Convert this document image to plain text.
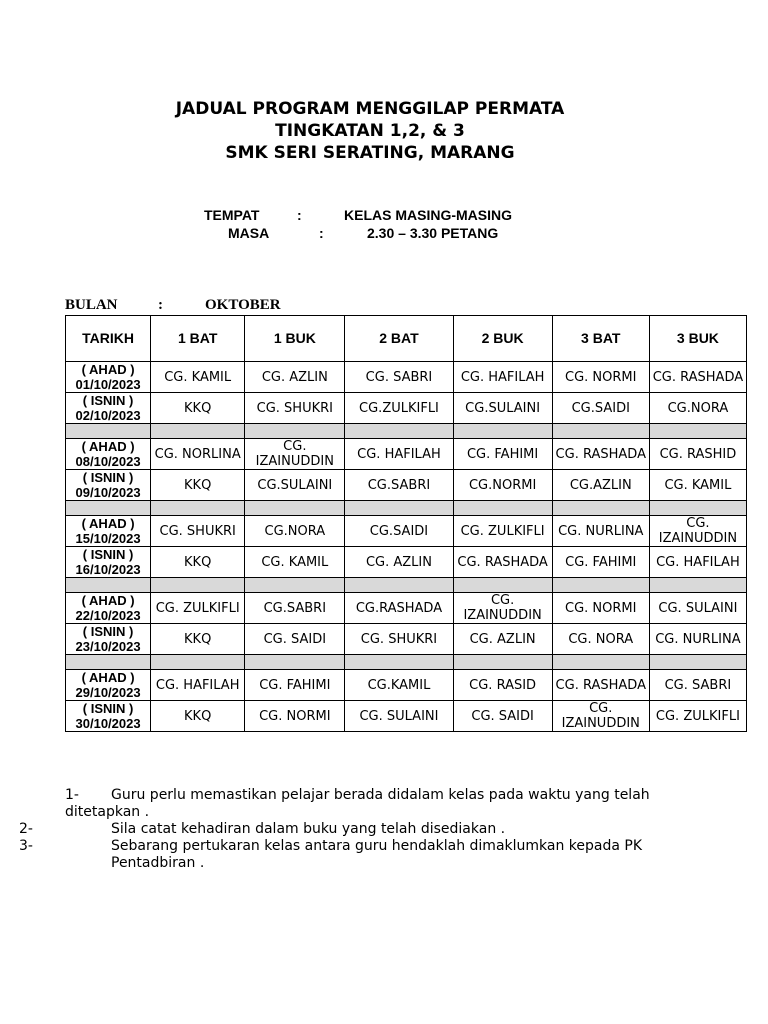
JADUAL PROGRAM MENGGILAP PERMATA
TINGKATAN 1,2, & 3
SMK SERI SERATING, MARANG
TEMPAT	:	KELAS MASING-MASING
MASA	:	2.30 – 3.30 PETANG
BULAN	:	OKTOBER
TARIKH	1 BAT	1 BUK	2 BAT	2 BUK	3 BAT	3 BUK

( AHAD )
01/10/2023	CG. KAMIL	CG. AZLIN	CG. SABRI	CG. HAFILAH	CG. NORMI	CG. RASHADA

( ISNIN )
02/10/2023	KKQ	CG. SHUKRI	CG.ZULKIFLI	CG.SULAINI	CG.SAIDI	CG.NORA

( AHAD )
08/10/2023	CG. NORLINA	CG. IZAINUDDIN	CG. HAFILAH	CG. FAHIMI	CG. RASHADA	CG. RASHID

( ISNIN )
09/10/2023	KKQ	CG.SULAINI	CG.SABRI	CG.NORMI	CG.AZLIN	CG. KAMIL

( AHAD )
15/10/2023	CG. SHUKRI	CG.NORA	CG.SAIDI	CG. ZULKIFLI	CG. NURLINA	CG. IZAINUDDIN

( ISNIN )
16/10/2023	KKQ	CG. KAMIL	CG. AZLIN	CG. RASHADA	CG. FAHIMI	CG. HAFILAH

( AHAD )
22/10/2023	CG. ZULKIFLI	CG.SABRI	CG.RASHADA	CG. IZAINUDDIN	CG. NORMI	CG. SULAINI

( ISNIN )
23/10/2023	KKQ	CG. SAIDI	CG. SHUKRI	CG. AZLIN	CG. NORA	CG. NURLINA

( AHAD )
29/10/2023	CG. HAFILAH	CG. FAHIMI	CG.KAMIL	CG. RASID	CG. RASHADA	CG. SABRI

( ISNIN )
30/10/2023	KKQ	CG. NORMI	CG. SULAINI	CG. SAIDI	CG. IZAINUDDIN	CG. ZULKIFLI

1- Guru perlu memastikan pelajar berada didalam kelas pada waktu yang telah ditetapkan .

2-	Sila catat kehadiran dalam buku yang telah disediakan .

3-	Sebarang pertukaran kelas antara guru hendaklah dimaklumkan kepada PK Pentadbiran .
